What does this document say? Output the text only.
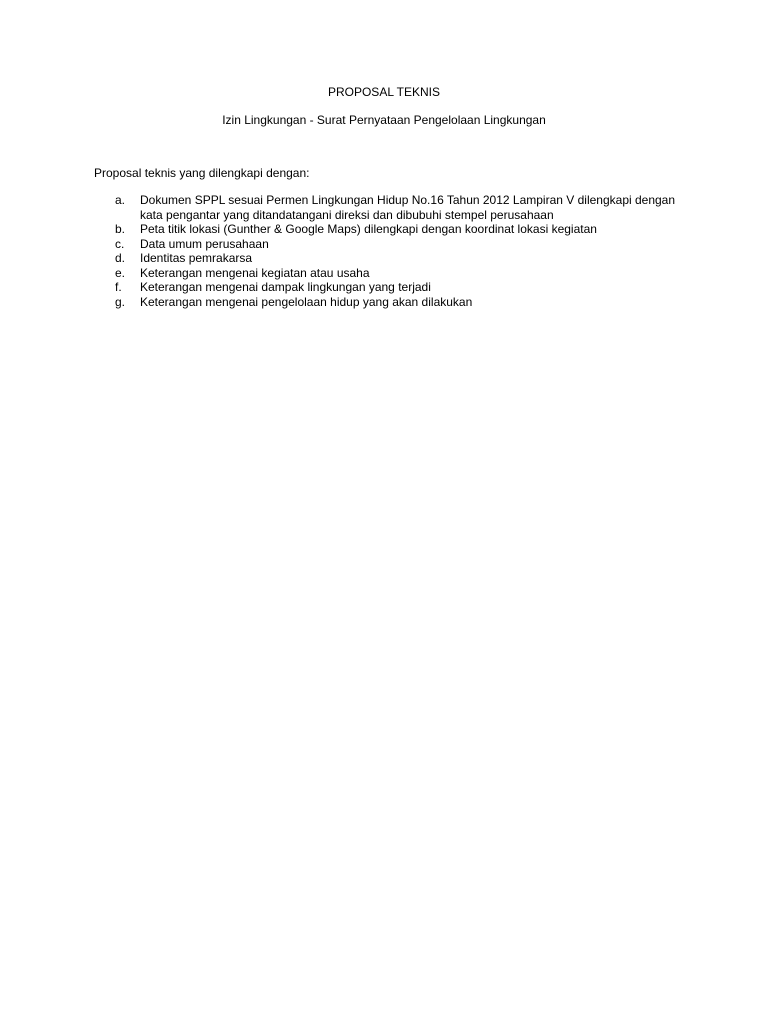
PROPOSAL TEKNIS
Izin Lingkungan - Surat Pernyataan Pengelolaan Lingkungan
Proposal teknis yang dilengkapi dengan:
a.	Dokumen SPPL sesuai Permen Lingkungan Hidup No.16 Tahun 2012 Lampiran V dilengkapi dengan kata pengantar yang ditandatangani direksi dan dibubuhi stempel perusahaan
b.	Peta titik lokasi (Gunther & Google Maps) dilengkapi dengan koordinat lokasi kegiatan
c.	Data umum perusahaan
d.	Identitas pemrakarsa
e.	Keterangan mengenai kegiatan atau usaha
f.	Keterangan mengenai dampak lingkungan yang terjadi
g.	Keterangan mengenai pengelolaan hidup yang akan dilakukan
